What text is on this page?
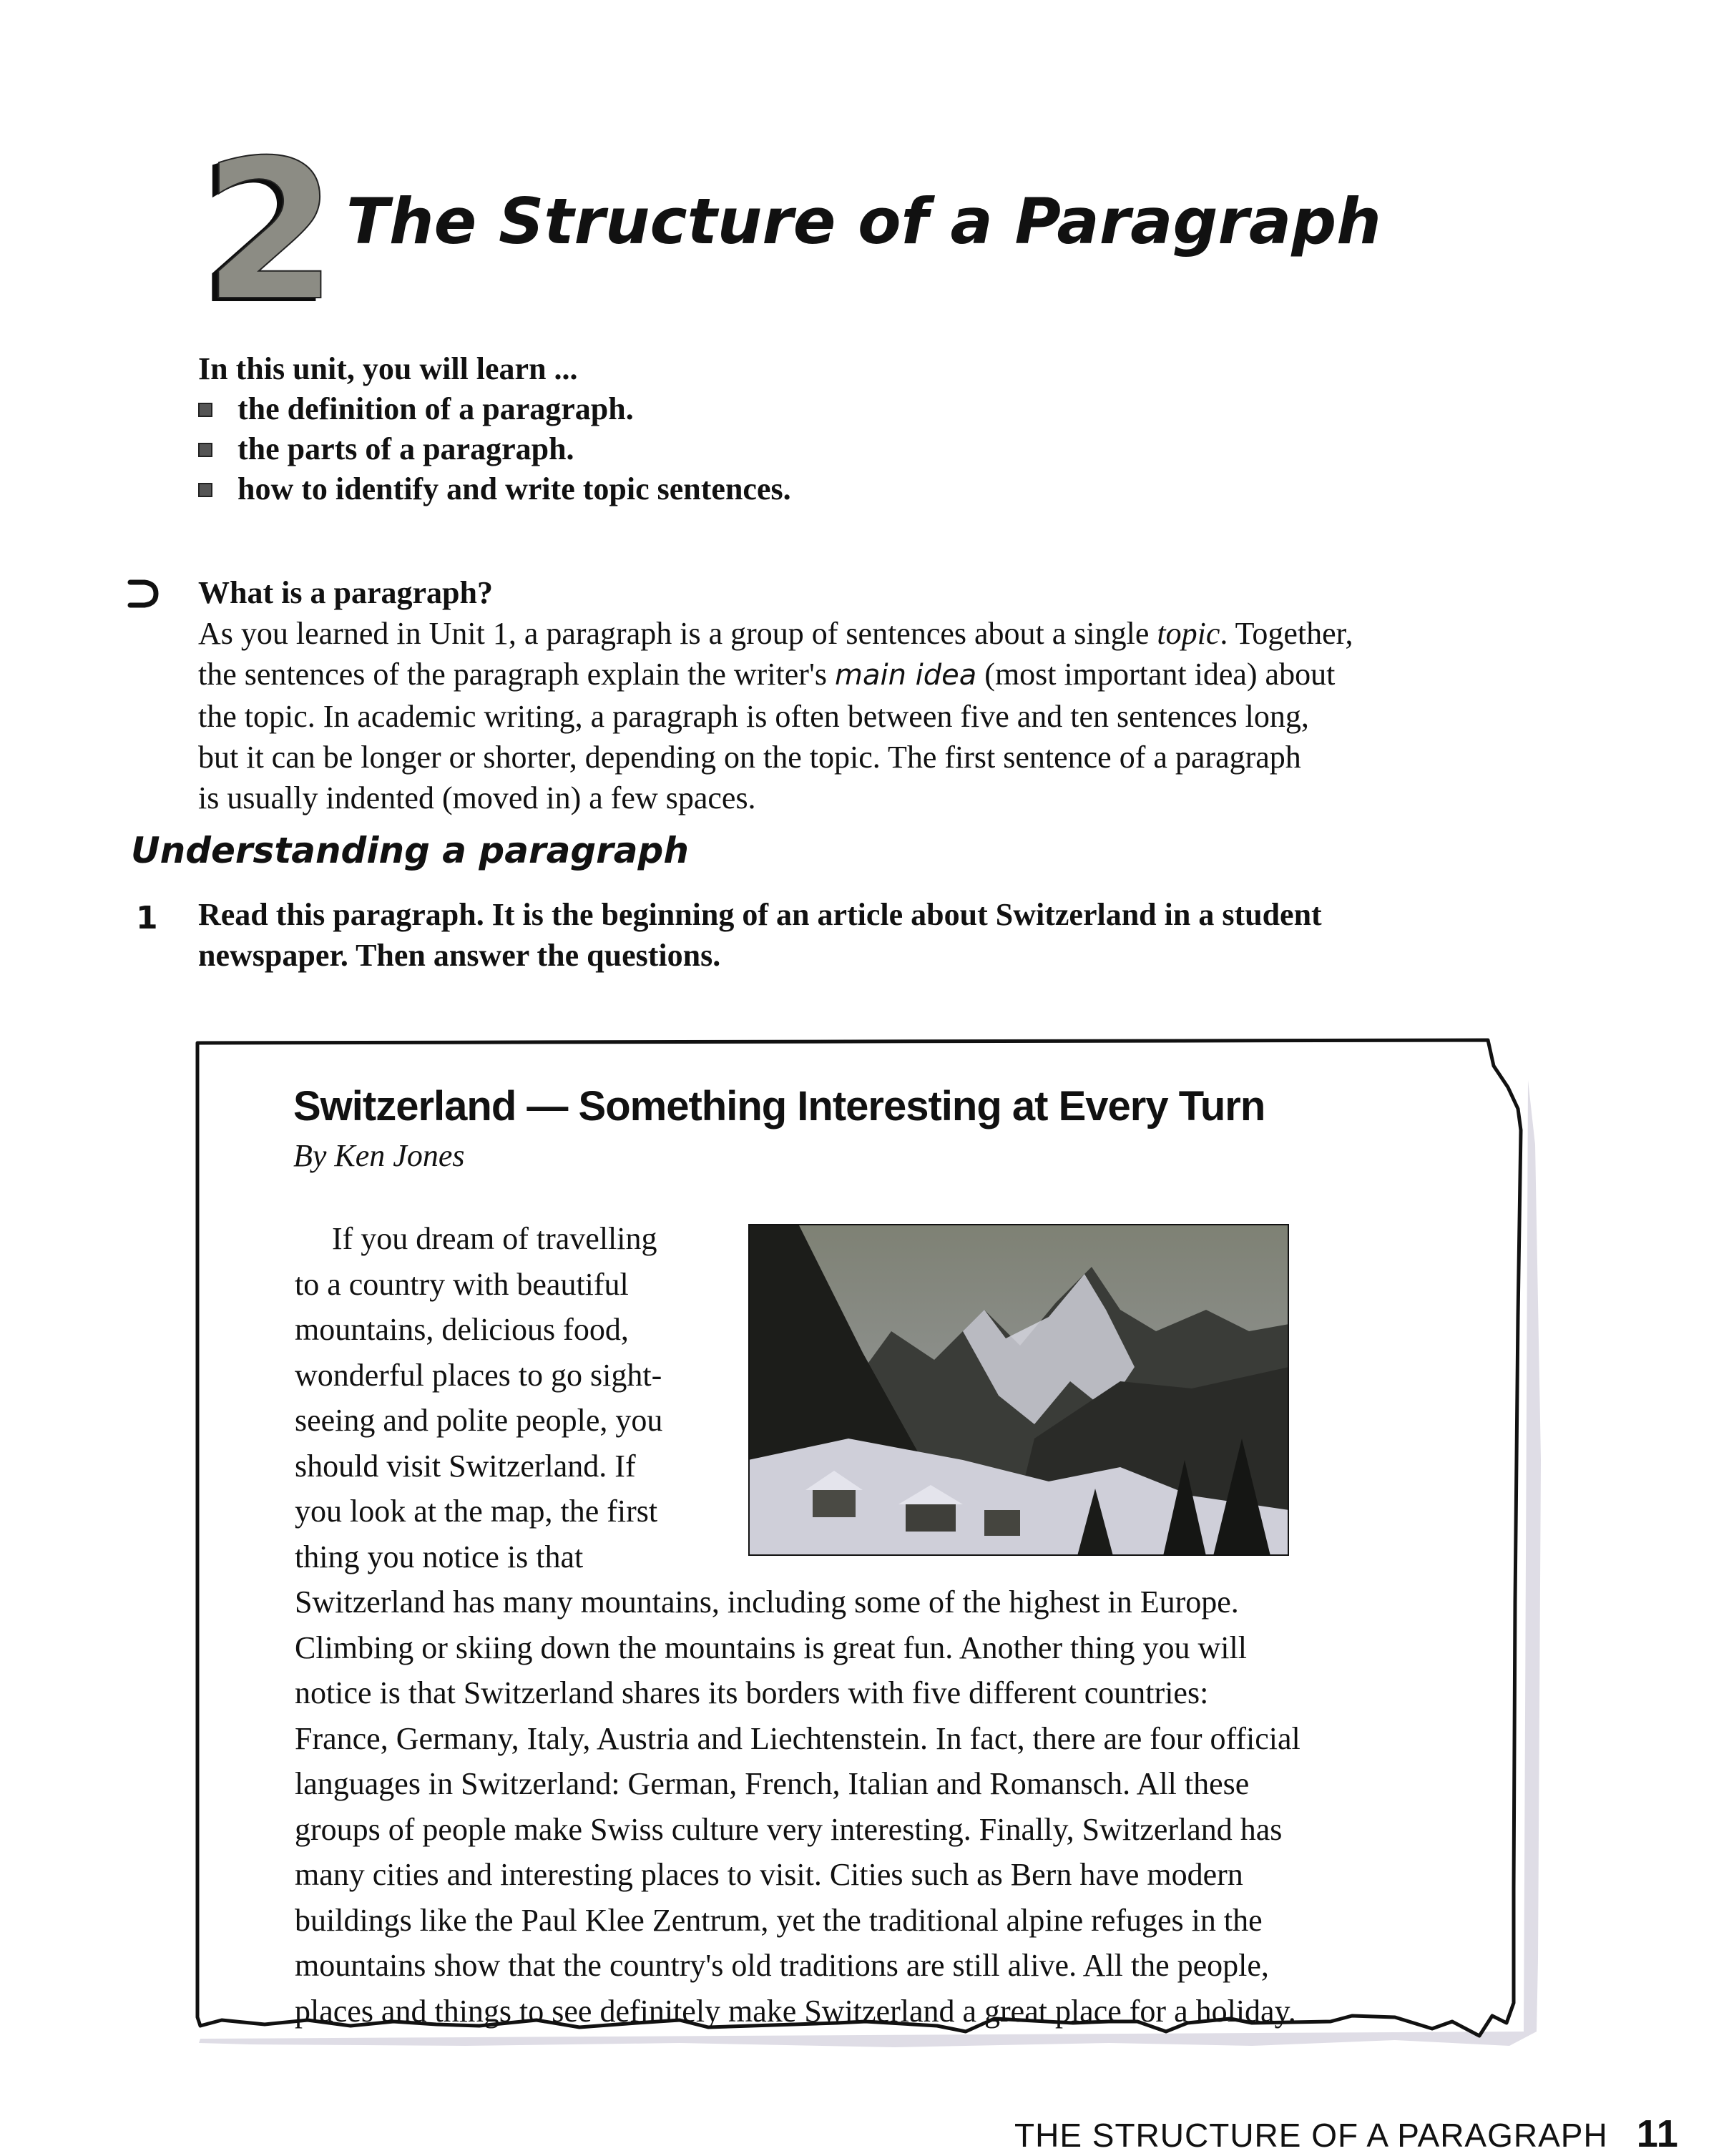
2 The Structure of a Paragraph
In this unit, you will learn ...
the definition of a paragraph.
the parts of a paragraph.
how to identify and write topic sentences.
What is a paragraph?
As you learned in Unit 1, a paragraph is a group of sentences about a single topic. Together,
the sentences of the paragraph explain the writer's main idea (most important idea) about
the topic. In academic writing, a paragraph is often between five and ten sentences long,
but it can be longer or shorter, depending on the topic. The first sentence of a paragraph
is usually indented (moved in) a few spaces.
Understanding a paragraph
1 Read this paragraph. It is the beginning of an article about Switzerland in a student
newspaper. Then answer the questions.
Switzerland — Something Interesting at Every Turn
By Ken Jones
If you dream of travelling
to a country with beautiful
mountains, delicious food,
wonderful places to go sight-
seeing and polite people, you
should visit Switzerland. If
you look at the map, the first
thing you notice is that
Switzerland has many mountains, including some of the highest in Europe.
Climbing or skiing down the mountains is great fun. Another thing you will
notice is that Switzerland shares its borders with five different countries:
France, Germany, Italy, Austria and Liechtenstein. In fact, there are four official
languages in Switzerland: German, French, Italian and Romansch. All these
groups of people make Swiss culture very interesting. Finally, Switzerland has
many cities and interesting places to visit. Cities such as Bern have modern
buildings like the Paul Klee Zentrum, yet the traditional alpine refuges in the
mountains show that the country's old traditions are still alive. All the people,
places and things to see definitely make Switzerland a great place for a holiday.
THE STRUCTURE OF A PARAGRAPH 11
